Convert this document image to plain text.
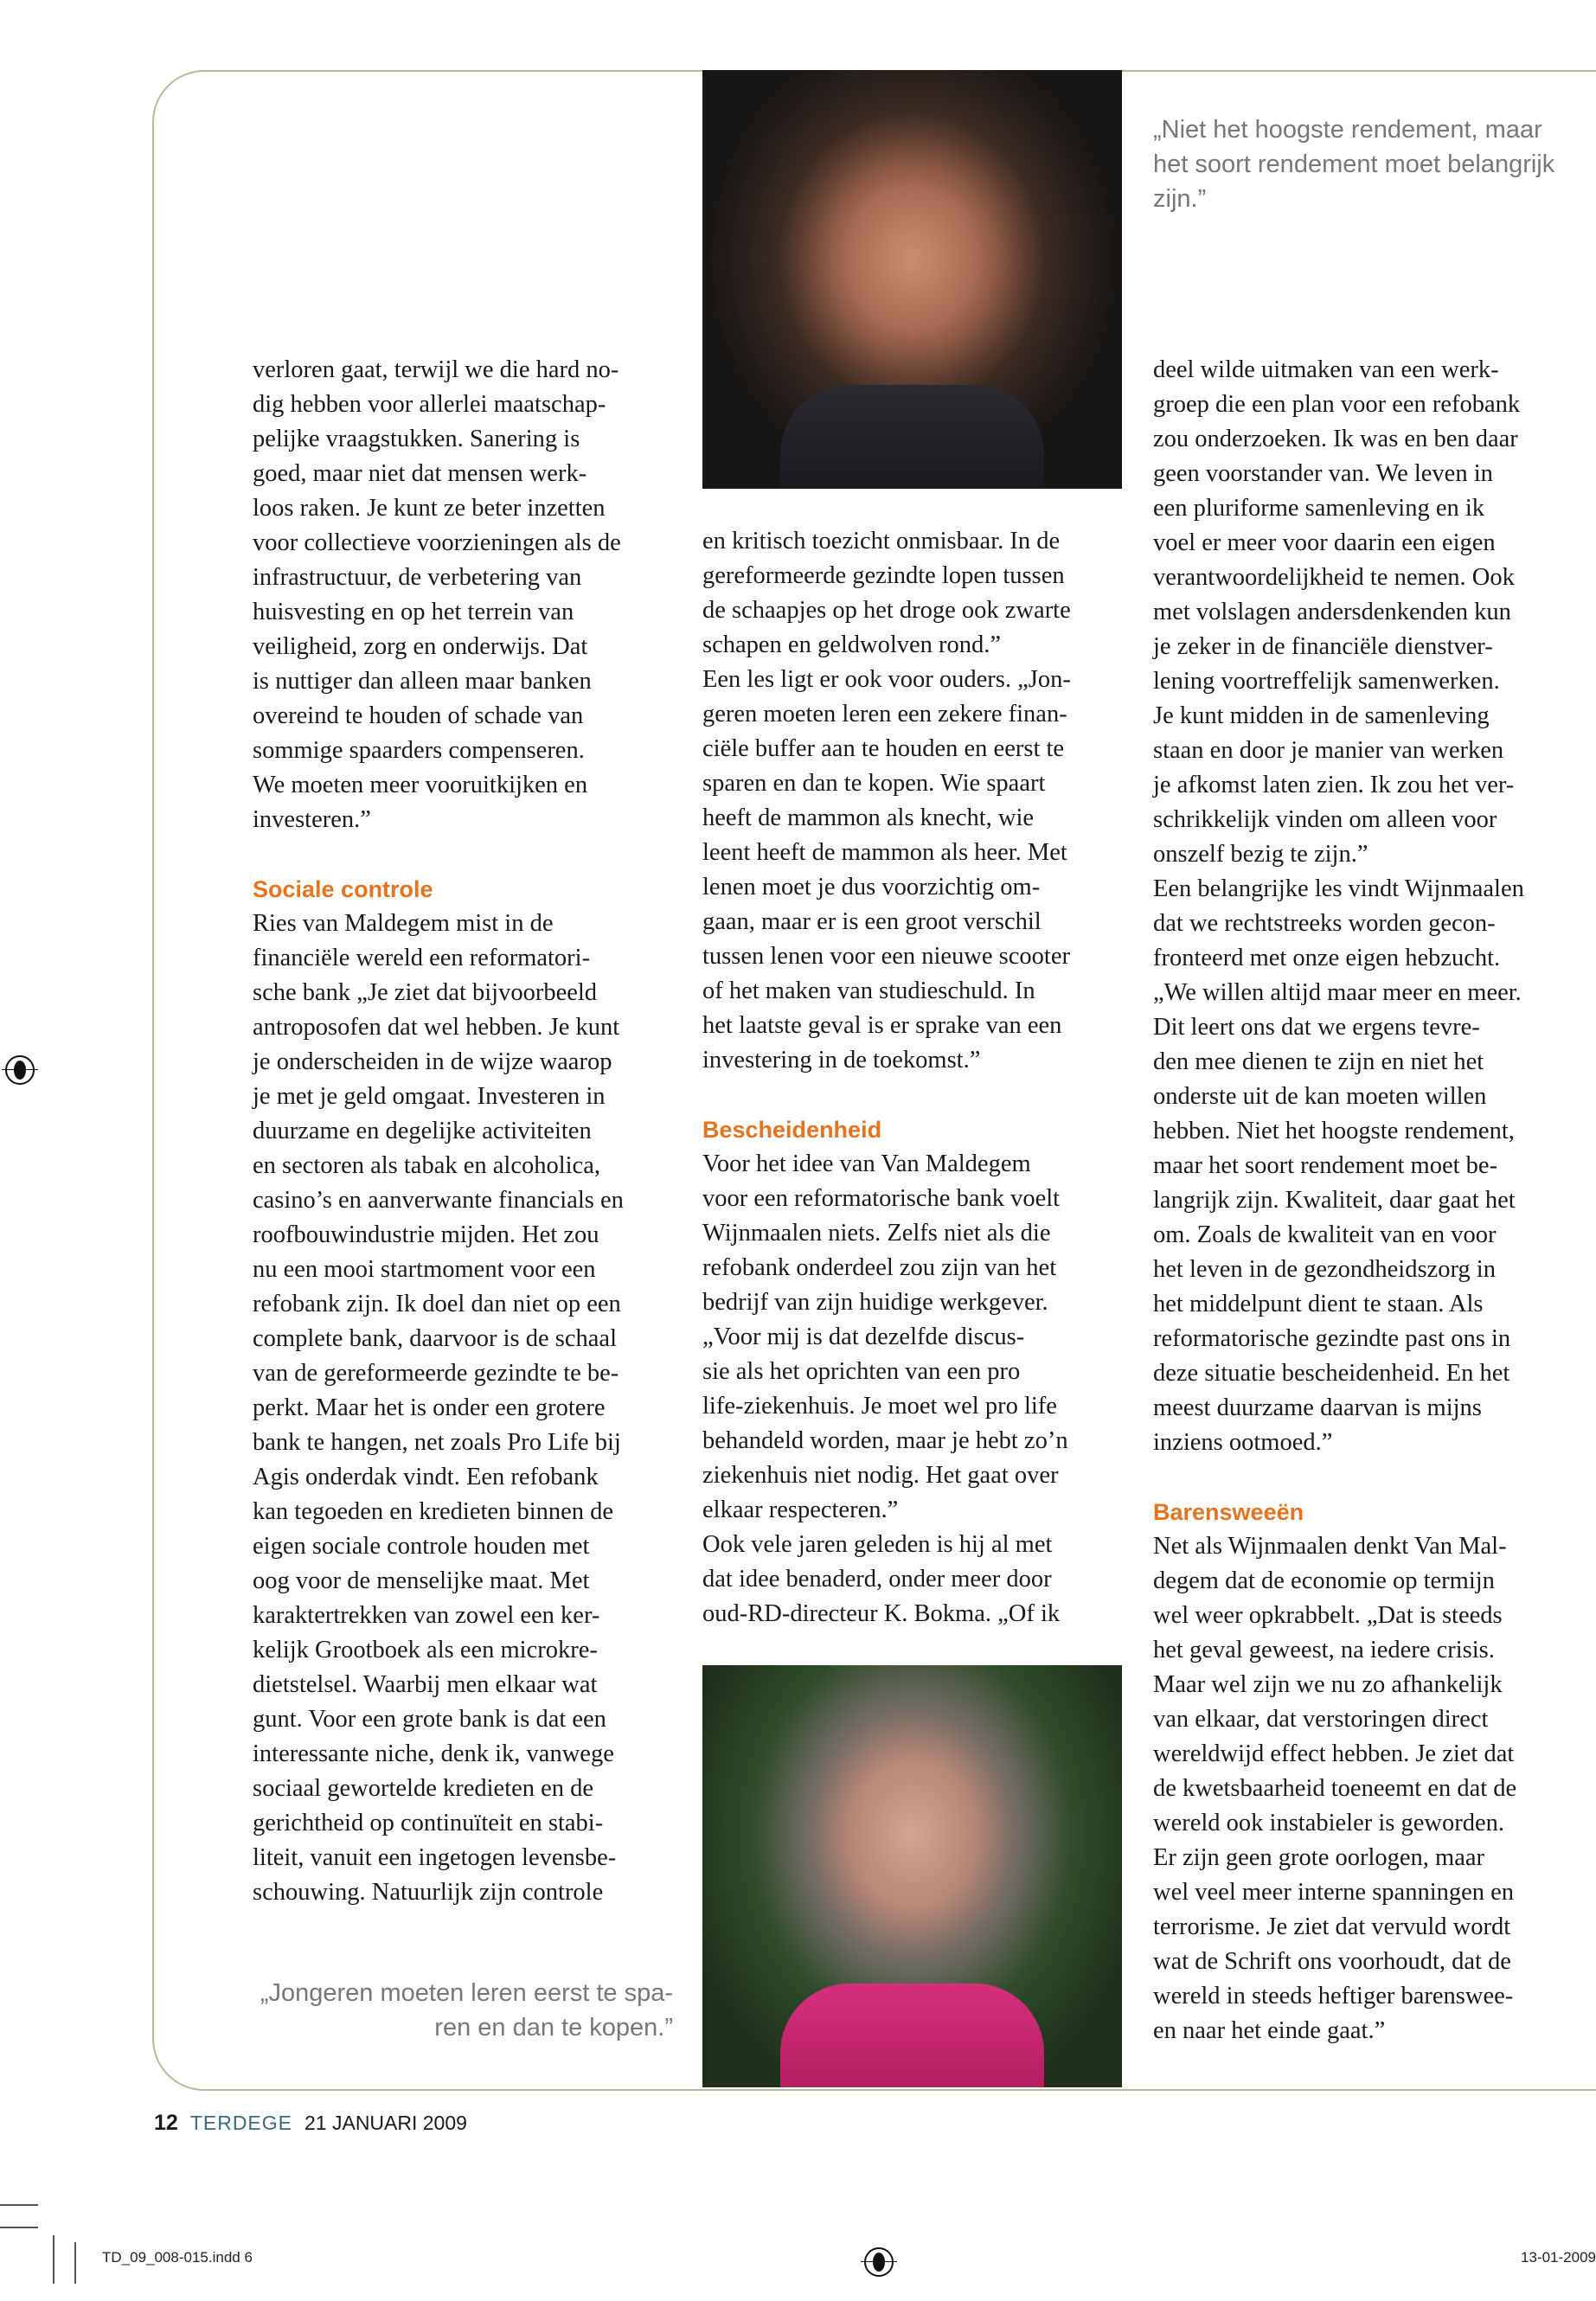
„Niet het hoogste rendement, maar
het soort rendement moet belangrijk
zijn.”
verloren gaat, terwijl we die hard no-
dig hebben voor allerlei maatschap-
pelijke vraagstukken. Sanering is
goed, maar niet dat mensen werk-
loos raken. Je kunt ze beter inzetten
voor collectieve voorzieningen als de
infrastructuur, de verbetering van
huisvesting en op het terrein van
veiligheid, zorg en onderwijs. Dat
is nuttiger dan alleen maar banken
overeind te houden of schade van
sommige spaarders compenseren.
We moeten meer vooruitkijken en
investeren.”
Sociale controle
Ries van Maldegem mist in de
financiële wereld een reformatori-
sche bank „Je ziet dat bijvoorbeeld
antroposofen dat wel hebben. Je kunt
je onderscheiden in de wijze waarop
je met je geld omgaat. Investeren in
duurzame en degelijke activiteiten
en sectoren als tabak en alcoholica,
casino’s en aanverwante financials en
roofbouwindustrie mijden. Het zou
nu een mooi startmoment voor een
refobank zijn. Ik doel dan niet op een
complete bank, daarvoor is de schaal
van de gereformeerde gezindte te be-
perkt. Maar het is onder een grotere
bank te hangen, net zoals Pro Life bij
Agis onderdak vindt. Een refobank
kan tegoeden en kredieten binnen de
eigen sociale controle houden met
oog voor de menselijke maat. Met
karaktertrekken van zowel een ker-
kelijk Grootboek als een microkre-
dietstelsel. Waarbij men elkaar wat
gunt. Voor een grote bank is dat een
interessante niche, denk ik, vanwege
sociaal gewortelde kredieten en de
gerichtheid op continuïteit en stabi-
liteit, vanuit een ingetogen levensbe-
schouwing. Natuurlijk zijn controle
en kritisch toezicht onmisbaar. In de
gereformeerde gezindte lopen tussen
de schaapjes op het droge ook zwarte
schapen en geldwolven rond.”
Een les ligt er ook voor ouders. „Jon-
geren moeten leren een zekere finan-
ciële buffer aan te houden en eerst te
sparen en dan te kopen. Wie spaart
heeft de mammon als knecht, wie
leent heeft de mammon als heer. Met
lenen moet je dus voorzichtig om-
gaan, maar er is een groot verschil
tussen lenen voor een nieuwe scooter
of het maken van studieschuld. In
het laatste geval is er sprake van een
investering in de toekomst.”
Bescheidenheid
Voor het idee van Van Maldegem
voor een reformatorische bank voelt
Wijnmaalen niets. Zelfs niet als die
refobank onderdeel zou zijn van het
bedrijf van zijn huidige werkgever.
„Voor mij is dat dezelfde discus-
sie als het oprichten van een pro
life-ziekenhuis. Je moet wel pro life
behandeld worden, maar je hebt zo’n
ziekenhuis niet nodig. Het gaat over
elkaar respecteren.”
Ook vele jaren geleden is hij al met
dat idee benaderd, onder meer door
oud-RD-directeur K. Bokma. „Of ik
deel wilde uitmaken van een werk-
groep die een plan voor een refobank
zou onderzoeken. Ik was en ben daar
geen voorstander van. We leven in
een pluriforme samenleving en ik
voel er meer voor daarin een eigen
verantwoordelijkheid te nemen. Ook
met volslagen andersdenkenden kun
je zeker in de financiële dienstver-
lening voortreffelijk samenwerken.
Je kunt midden in de samenleving
staan en door je manier van werken
je afkomst laten zien. Ik zou het ver-
schrikkelijk vinden om alleen voor
onszelf bezig te zijn.”
Een belangrijke les vindt Wijnmaalen
dat we rechtstreeks worden gecon-
fronteerd met onze eigen hebzucht.
„We willen altijd maar meer en meer.
Dit leert ons dat we ergens tevre-
den mee dienen te zijn en niet het
onderste uit de kan moeten willen
hebben. Niet het hoogste rendement,
maar het soort rendement moet be-
langrijk zijn. Kwaliteit, daar gaat het
om. Zoals de kwaliteit van en voor
het leven in de gezondheidszorg in
het middelpunt dient te staan. Als
reformatorische gezindte past ons in
deze situatie bescheidenheid. En het
meest duurzame daarvan is mijns
inziens ootmoed.”
Barensweeën
Net als Wijnmaalen denkt Van Mal-
degem dat de economie op termijn
wel weer opkrabbelt. „Dat is steeds
het geval geweest, na iedere crisis.
Maar wel zijn we nu zo afhankelijk
van elkaar, dat verstoringen direct
wereldwijd effect hebben. Je ziet dat
de kwetsbaarheid toeneemt en dat de
wereld ook instabieler is geworden.
Er zijn geen grote oorlogen, maar
wel veel meer interne spanningen en
terrorisme. Je ziet dat vervuld wordt
wat de Schrift ons voorhoudt, dat de
wereld in steeds heftiger barenswee-
en naar het einde gaat.”
„Jongeren moeten leren eerst te spa-
ren en dan te kopen.”
12 TERDEGE 21 JANUARI 2009
TD_09_008-015.indd 6	13-01-2009
